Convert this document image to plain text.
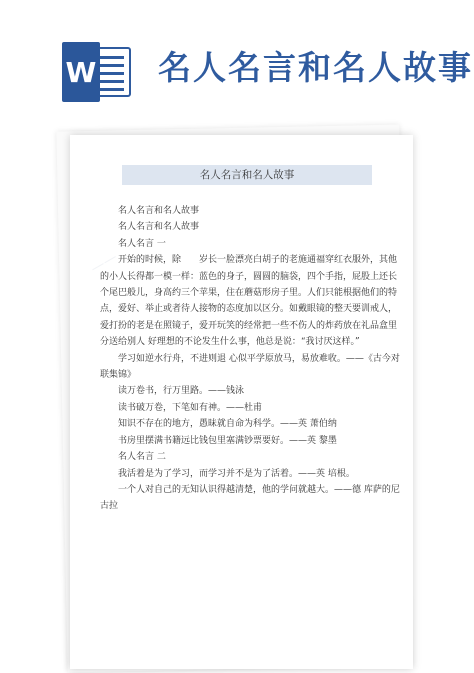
W 名人名言和名人故事
——
名人名言和名人故事

名人名言和名人故事

名人名言和名人故事

名人名言 一

开始的时候，除　　岁长一脸漂亮白胡子的老施通福穿红衣服外，其他的小人长得都一模一样：蓝色的身子，圆圆的脑袋，四个手指，屁股上还长个尾巴般儿，身高约三个苹果，住在蘑菇形房子里。人们只能根据他们的特点，爱好、举止或者待人接物的态度加以区分。如戴眼镜的整天要训戒人，爱打扮的老是在照镜子，爱开玩笑的经常把一些不伤人的炸药放在礼品盒里分送给别人 好理想的不论发生什么事，他总是说：“我讨厌这样。”

学习如逆水行舟，不进则退 心似平学原放马，易放难收。——《古今对联集锦》

读万卷书，行万里路。——钱泳

读书破万卷，下笔如有神。——杜甫

知识不存在的地方，愚昧就自命为科学。——英 萧伯纳

书房里摆满书籍远比钱包里塞满钞票要好。——英 黎墨

名人名言 二

我活着是为了学习，而学习并不是为了活着。——英 培根。

一个人对自己的无知认识得越清楚，他的学问就越大。——德 库萨的尼古拉
